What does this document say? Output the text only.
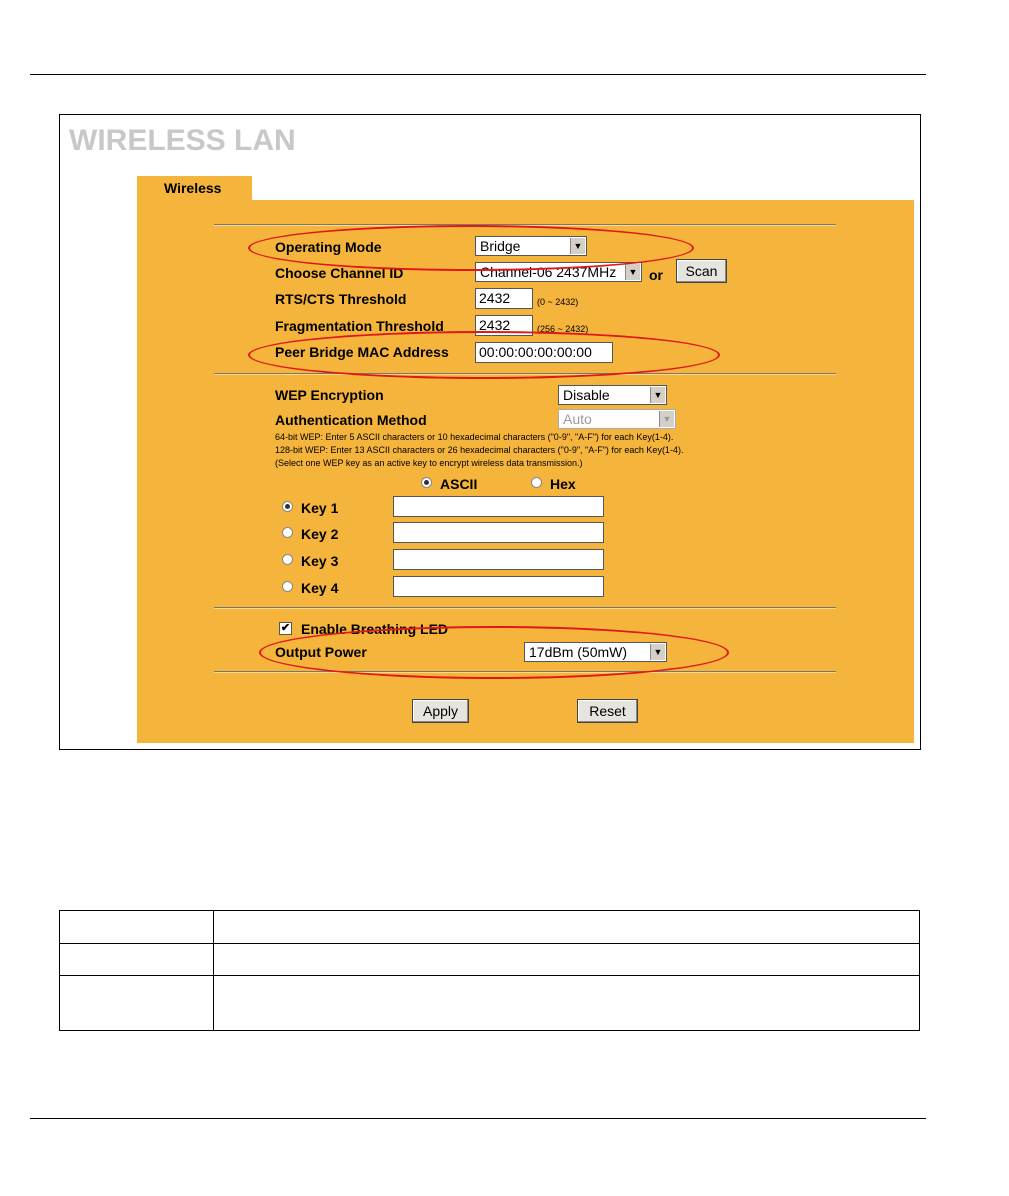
WIRELESS LAN
Wireless
Operating Mode	Bridge	▼
Choose Channel ID	Channel-06 2437MHz	▼ or	Scan
RTS/CTS Threshold	2432	(0 ~ 2432)
Fragmentation Threshold	2432	(256 ~ 2432)
Peer Bridge MAC Address 00:00:00:00:00:00
WEP Encryption	Disable	▼
Authentication Method	Auto	▼
64-bit WEP: Enter 5 ASCII characters or 10 hexadecimal characters ("0-9", "A-F") for each Key(1-4).
128-bit WEP: Enter 13 ASCII characters or 26 hexadecimal characters ("0-9", "A-F") for each Key(1-4).
(Select one WEP key as an active key to encrypt wireless data transmission.)
ASCII	Hex
Key 1
Key 2
Key 3
Key 4
✔ Enable Breathing LED
Output Power	17dBm (50mW)	▼
Apply	Reset
